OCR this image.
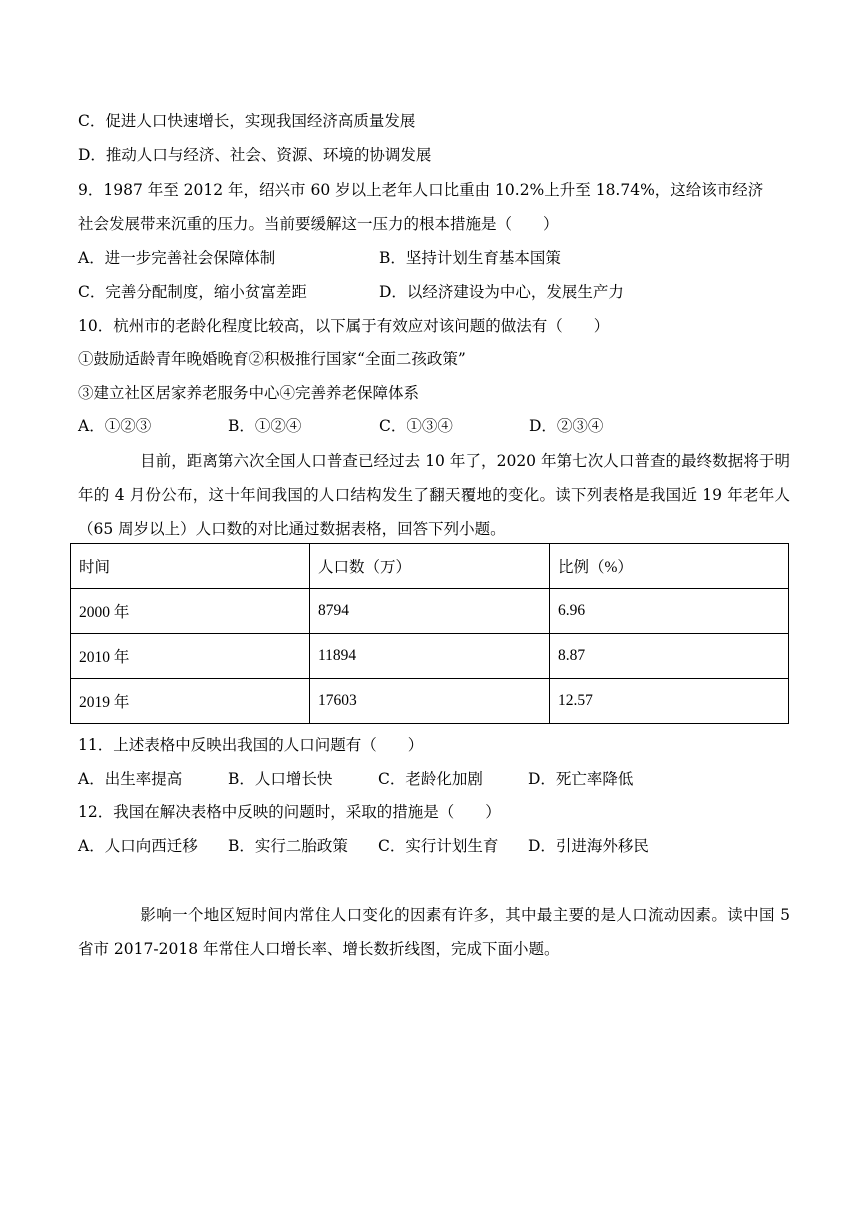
C．促进人口快速增长，实现我国经济高质量发展
D．推动人口与经济、社会、资源、环境的协调发展
9．1987 年至 2012 年，绍兴市 60 岁以上老年人口比重由 10.2%上升至 18.74%，这给该市经济
社会发展带来沉重的压力。当前要缓解这一压力的根本措施是（　　）
A．进一步完善社会保障体制	B．坚持计划生育基本国策
C．完善分配制度，缩小贫富差距	D．以经济建设为中心，发展生产力
10．杭州市的老龄化程度比较高，以下属于有效应对该问题的做法有（　　）
①鼓励适龄青年晚婚晚育②积极推行国家“全面二孩政策”
③建立社区居家养老服务中心④完善养老保障体系
A．①②③	B．①②④	C．①③④	D．②③④
目前，距离第六次全国人口普查已经过去 10 年了，2020 年第七次人口普查的最终数据将于明年的 4 月份公布，这十年间我国的人口结构发生了翻天覆地的变化。读下列表格是我国近 19 年老年人（65 周岁以上）人口数的对比通过数据表格，回答下列小题。
时间	人口数（万）	比例（%）
2000 年	8794	6.96
2010 年	11894	8.87
2019 年	17603	12.57
11．上述表格中反映出我国的人口问题有（　　）
A．出生率提高	B．人口增长快	C．老龄化加剧	D．死亡率降低
12．我国在解决表格中反映的问题时，采取的措施是（　　）
A．人口向西迁移 B．实行二胎政策 C．实行计划生育 D．引进海外移民
影响一个地区短时间内常住人口变化的因素有许多，其中最主要的是人口流动因素。读中国 5 省市 2017-2018 年常住人口增长率、增长数折线图，完成下面小题。
